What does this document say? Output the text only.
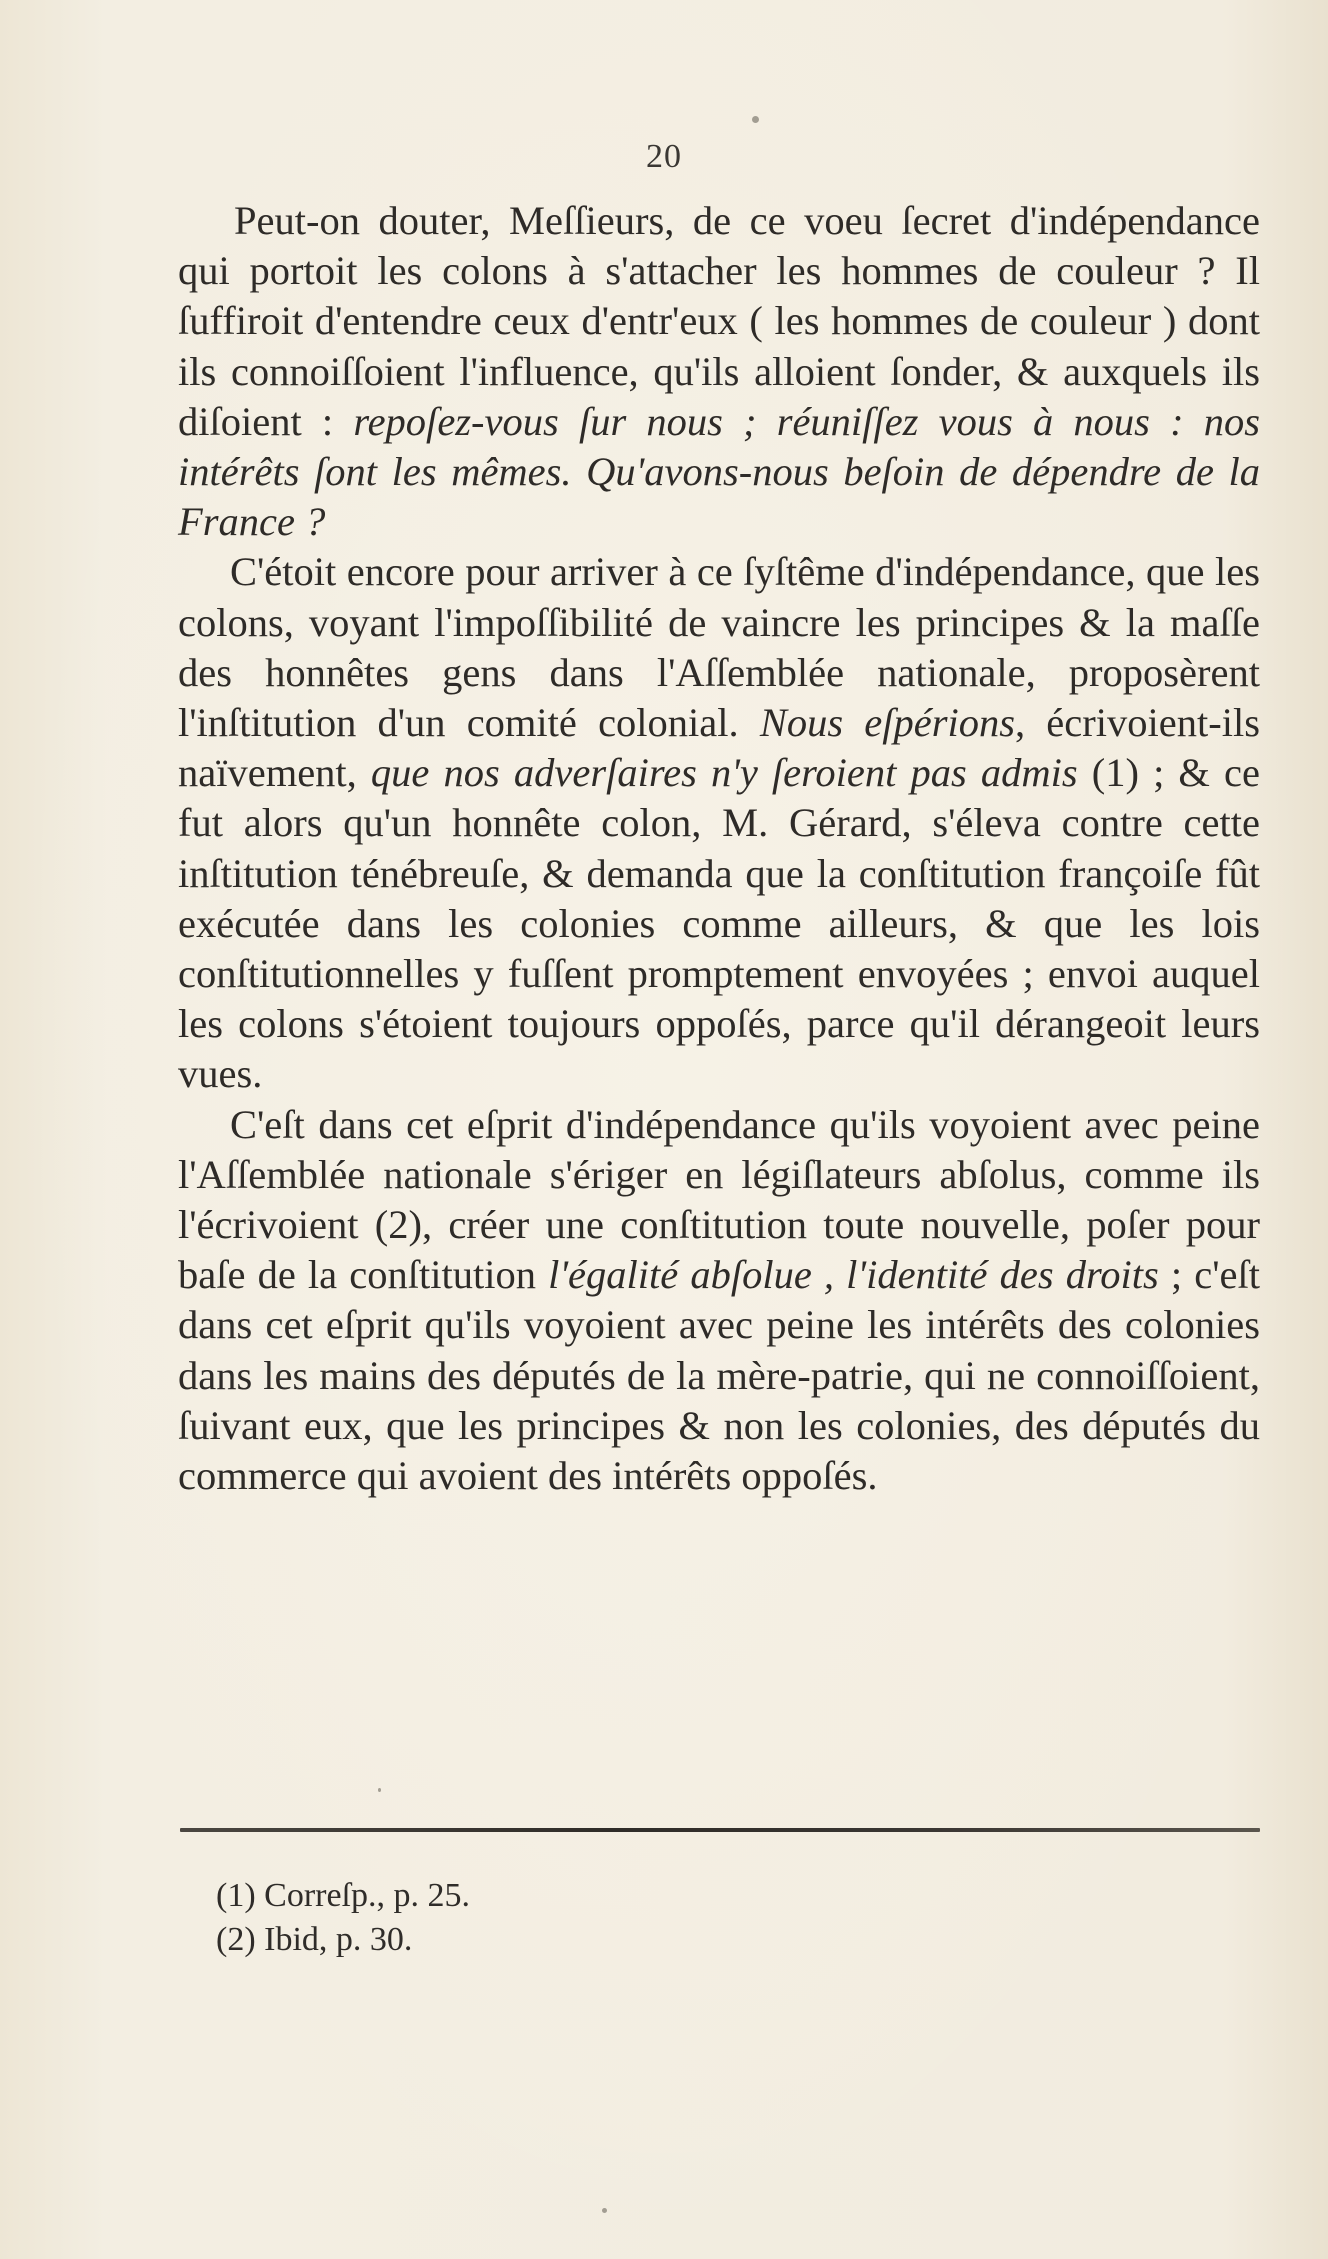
20

Peut-on douter, Meſſieurs, de ce voeu ſecret d'indépendance qui portoit les colons à s'attacher les hommes de couleur ? Il ſuffiroit d'entendre ceux d'entr'eux ( les hommes de couleur ) dont ils connoiſſoient l'influence, qu'ils alloient ſonder, & auxquels ils diſoient : repoſez-vous ſur nous ; réuniſſez vous à nous : nos intérêts ſont les mêmes. Qu'avons-nous beſoin de dépendre de la France ?

C'étoit encore pour arriver à ce ſyſtême d'indépendance, que les colons, voyant l'impoſſibilité de vaincre les principes & la maſſe des honnêtes gens dans l'Aſſemblée nationale, proposèrent l'inſtitution d'un comité colonial. Nous eſpérions, écrivoient-ils naïvement, que nos adverſaires n'y ſeroient pas admis (1) ; & ce fut alors qu'un honnête colon, M. Gérard, s'éleva contre cette inſtitution ténébreuſe, & demanda que la conſtitution françoiſe fût exécutée dans les colonies comme ailleurs, & que les lois conſtitutionnelles y fuſſent promptement envoyées ; envoi auquel les colons s'étoient toujours oppoſés, parce qu'il dérangeoit leurs vues.

C'eſt dans cet eſprit d'indépendance qu'ils voyoient avec peine l'Aſſemblée nationale s'ériger en légiſlateurs abſolus, comme ils l'écrivoient (2), créer une conſtitution toute nouvelle, poſer pour baſe de la conſtitution l'égalité abſolue , l'identité des droits ; c'eſt dans cet eſprit qu'ils voyoient avec peine les intérêts des colonies dans les mains des députés de la mère-patrie, qui ne connoiſſoient, ſuivant eux, que les principes & non les colonies, des députés du commerce qui avoient des intérêts oppoſés.

(1) Correſp., p. 25.
(2) Ibid, p. 30.
